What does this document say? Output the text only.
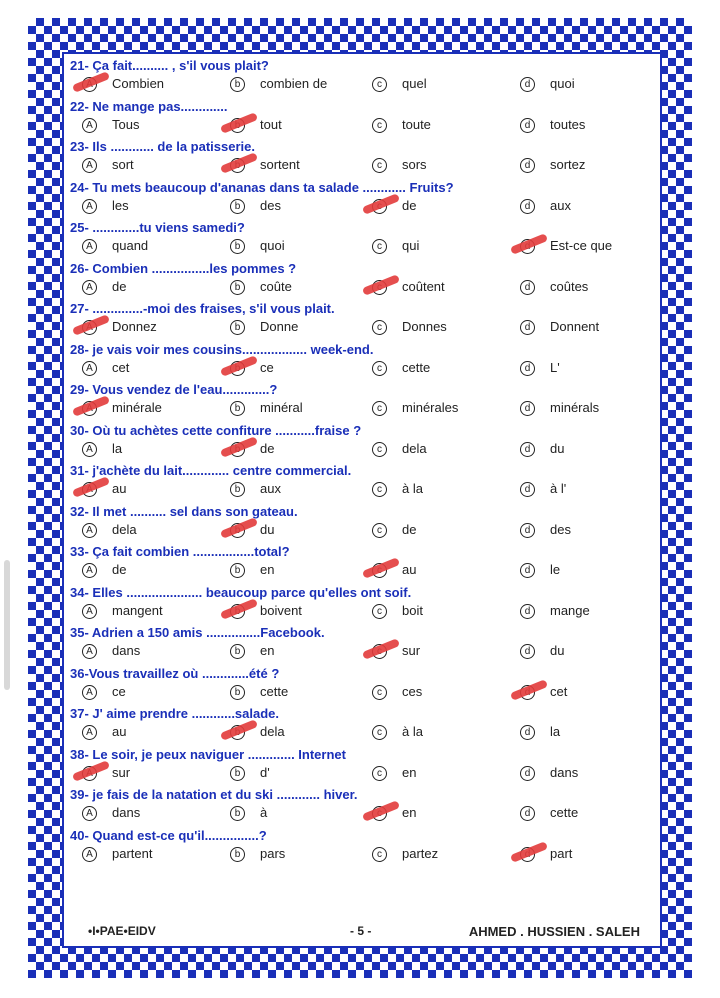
21- Ça fait.......... , s'il vous plait?
Combien	b	combien de	c	quel	d	quoi
22- Ne mange pas.............
A	Tous	tout	c	toute	d	toutes
23- Ils ............ de la patisserie.
A	sort	sortent	c	sors	d	sortez
24- Tu mets beaucoup d'ananas dans ta salade ............ Fruits?
A	les	b	des	de	d	aux
25- .............tu viens samedi?
A	quand	b	quoi	c	qui	Est-ce que
26- Combien ................les pommes ?
A	de	b	coûte	coûtent	d	coûtes
27- ..............-moi des fraises, s'il vous plait.
Donnez	b	Donne	c	Donnes	d	Donnent
28- je vais voir mes cousins.................. week-end.
A	cet	ce	c	cette	d	L'
29- Vous vendez de l'eau.............?
minérale	b	minéral	c	minérales	d	minérals
30- Où tu achètes cette confiture ...........fraise ?
A	la	de	c	dela	d	du
31- j'achète du lait............. centre commercial.
au	b	aux	c	à la	d	à l'
32- Il met .......... sel dans son gateau.
A	dela	du	c	de	d	des
33- Ça fait combien .................total?
A	de	b	en	au	d	le
34- Elles ..................... beaucoup parce qu'elles ont soif.
A	mangent	boivent	c	boit	d	mange
35- Adrien a 150 amis ...............Facebook.
A	dans	b	en	sur	d	du
36-Vous travaillez où .............été ?
A	ce	b	cette	c	ces	cet
37- J' aime prendre ............salade.
A	au	dela	c	à la	d	la
38- Le soir, je peux naviguer ............. Internet
sur	b	d'	c	en	d	dans
39- je fais de la natation et du ski ............ hiver.
A	dans	b	à	en	d	cette
40- Quand est-ce qu'il...............?
A	partent	b	pars	c	partez	part
•I•PAE•EIDV	- 5 -	AHMED . HUSSIEN . SALEH
